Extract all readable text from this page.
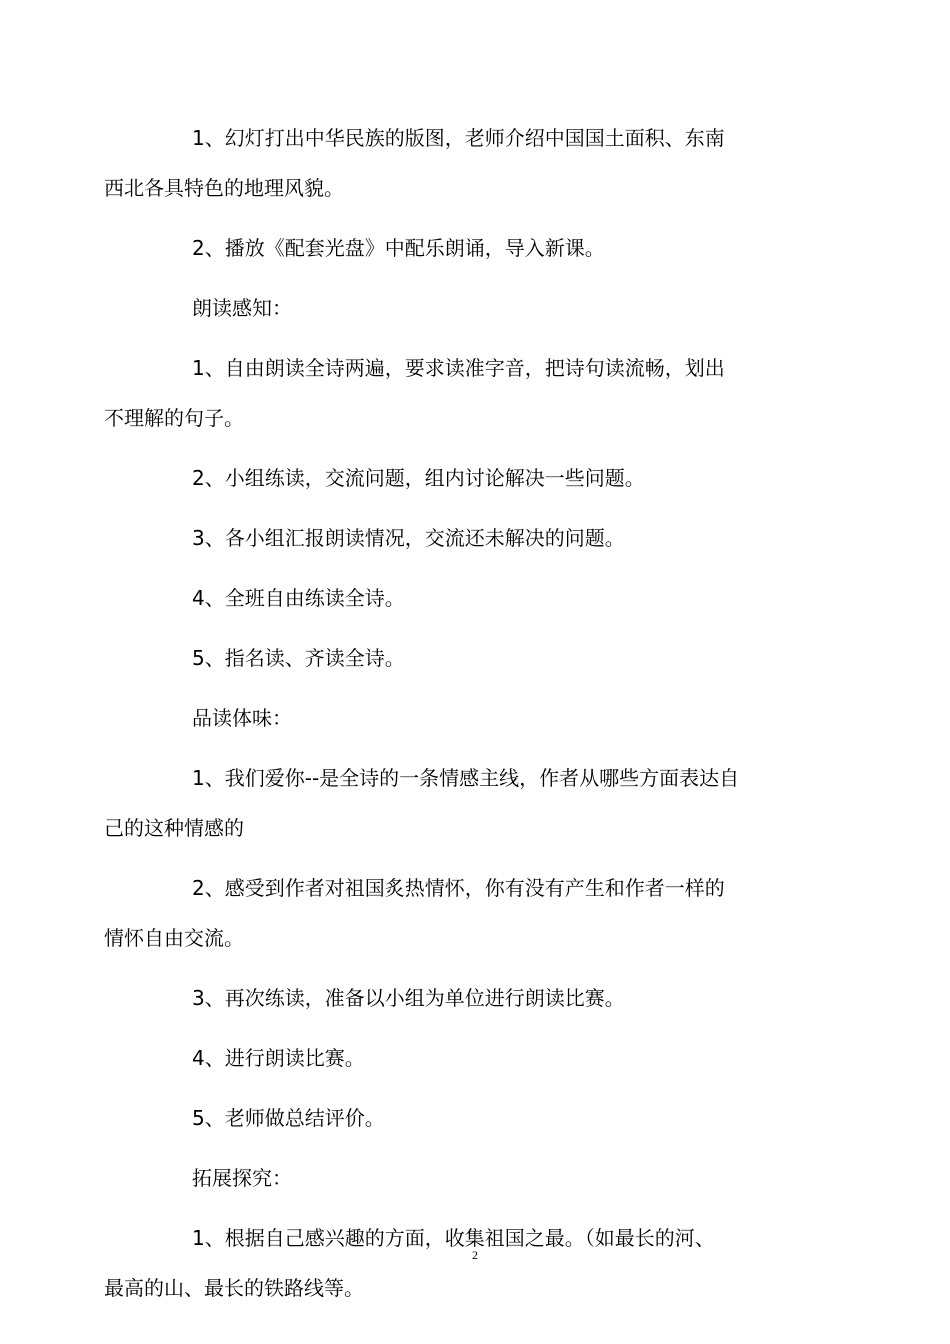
1、幻灯打出中华民族的版图，老师介绍中国国土面积、东南
西北各具特色的地理风貌。

2、播放《配套光盘》中配乐朗诵，导入新课。

朗读感知：

1、自由朗读全诗两遍，要求读准字音，把诗句读流畅，划出
不理解的句子。

2、小组练读，交流问题，组内讨论解决一些问题。

3、各小组汇报朗读情况，交流还未解决的问题。

4、全班自由练读全诗。

5、指名读、齐读全诗。

品读体味：

1、我们爱你--是全诗的一条情感主线，作者从哪些方面表达自
己的这种情感的

2、感受到作者对祖国炙热情怀，你有没有产生和作者一样的
情怀自由交流。

3、再次练读，准备以小组为单位进行朗读比赛。

4、进行朗读比赛。

5、老师做总结评价。

拓展探究：

1、根据自己感兴趣的方面，收集祖国之最。（如最长的河、
最高的山、最长的铁路线等。

2
